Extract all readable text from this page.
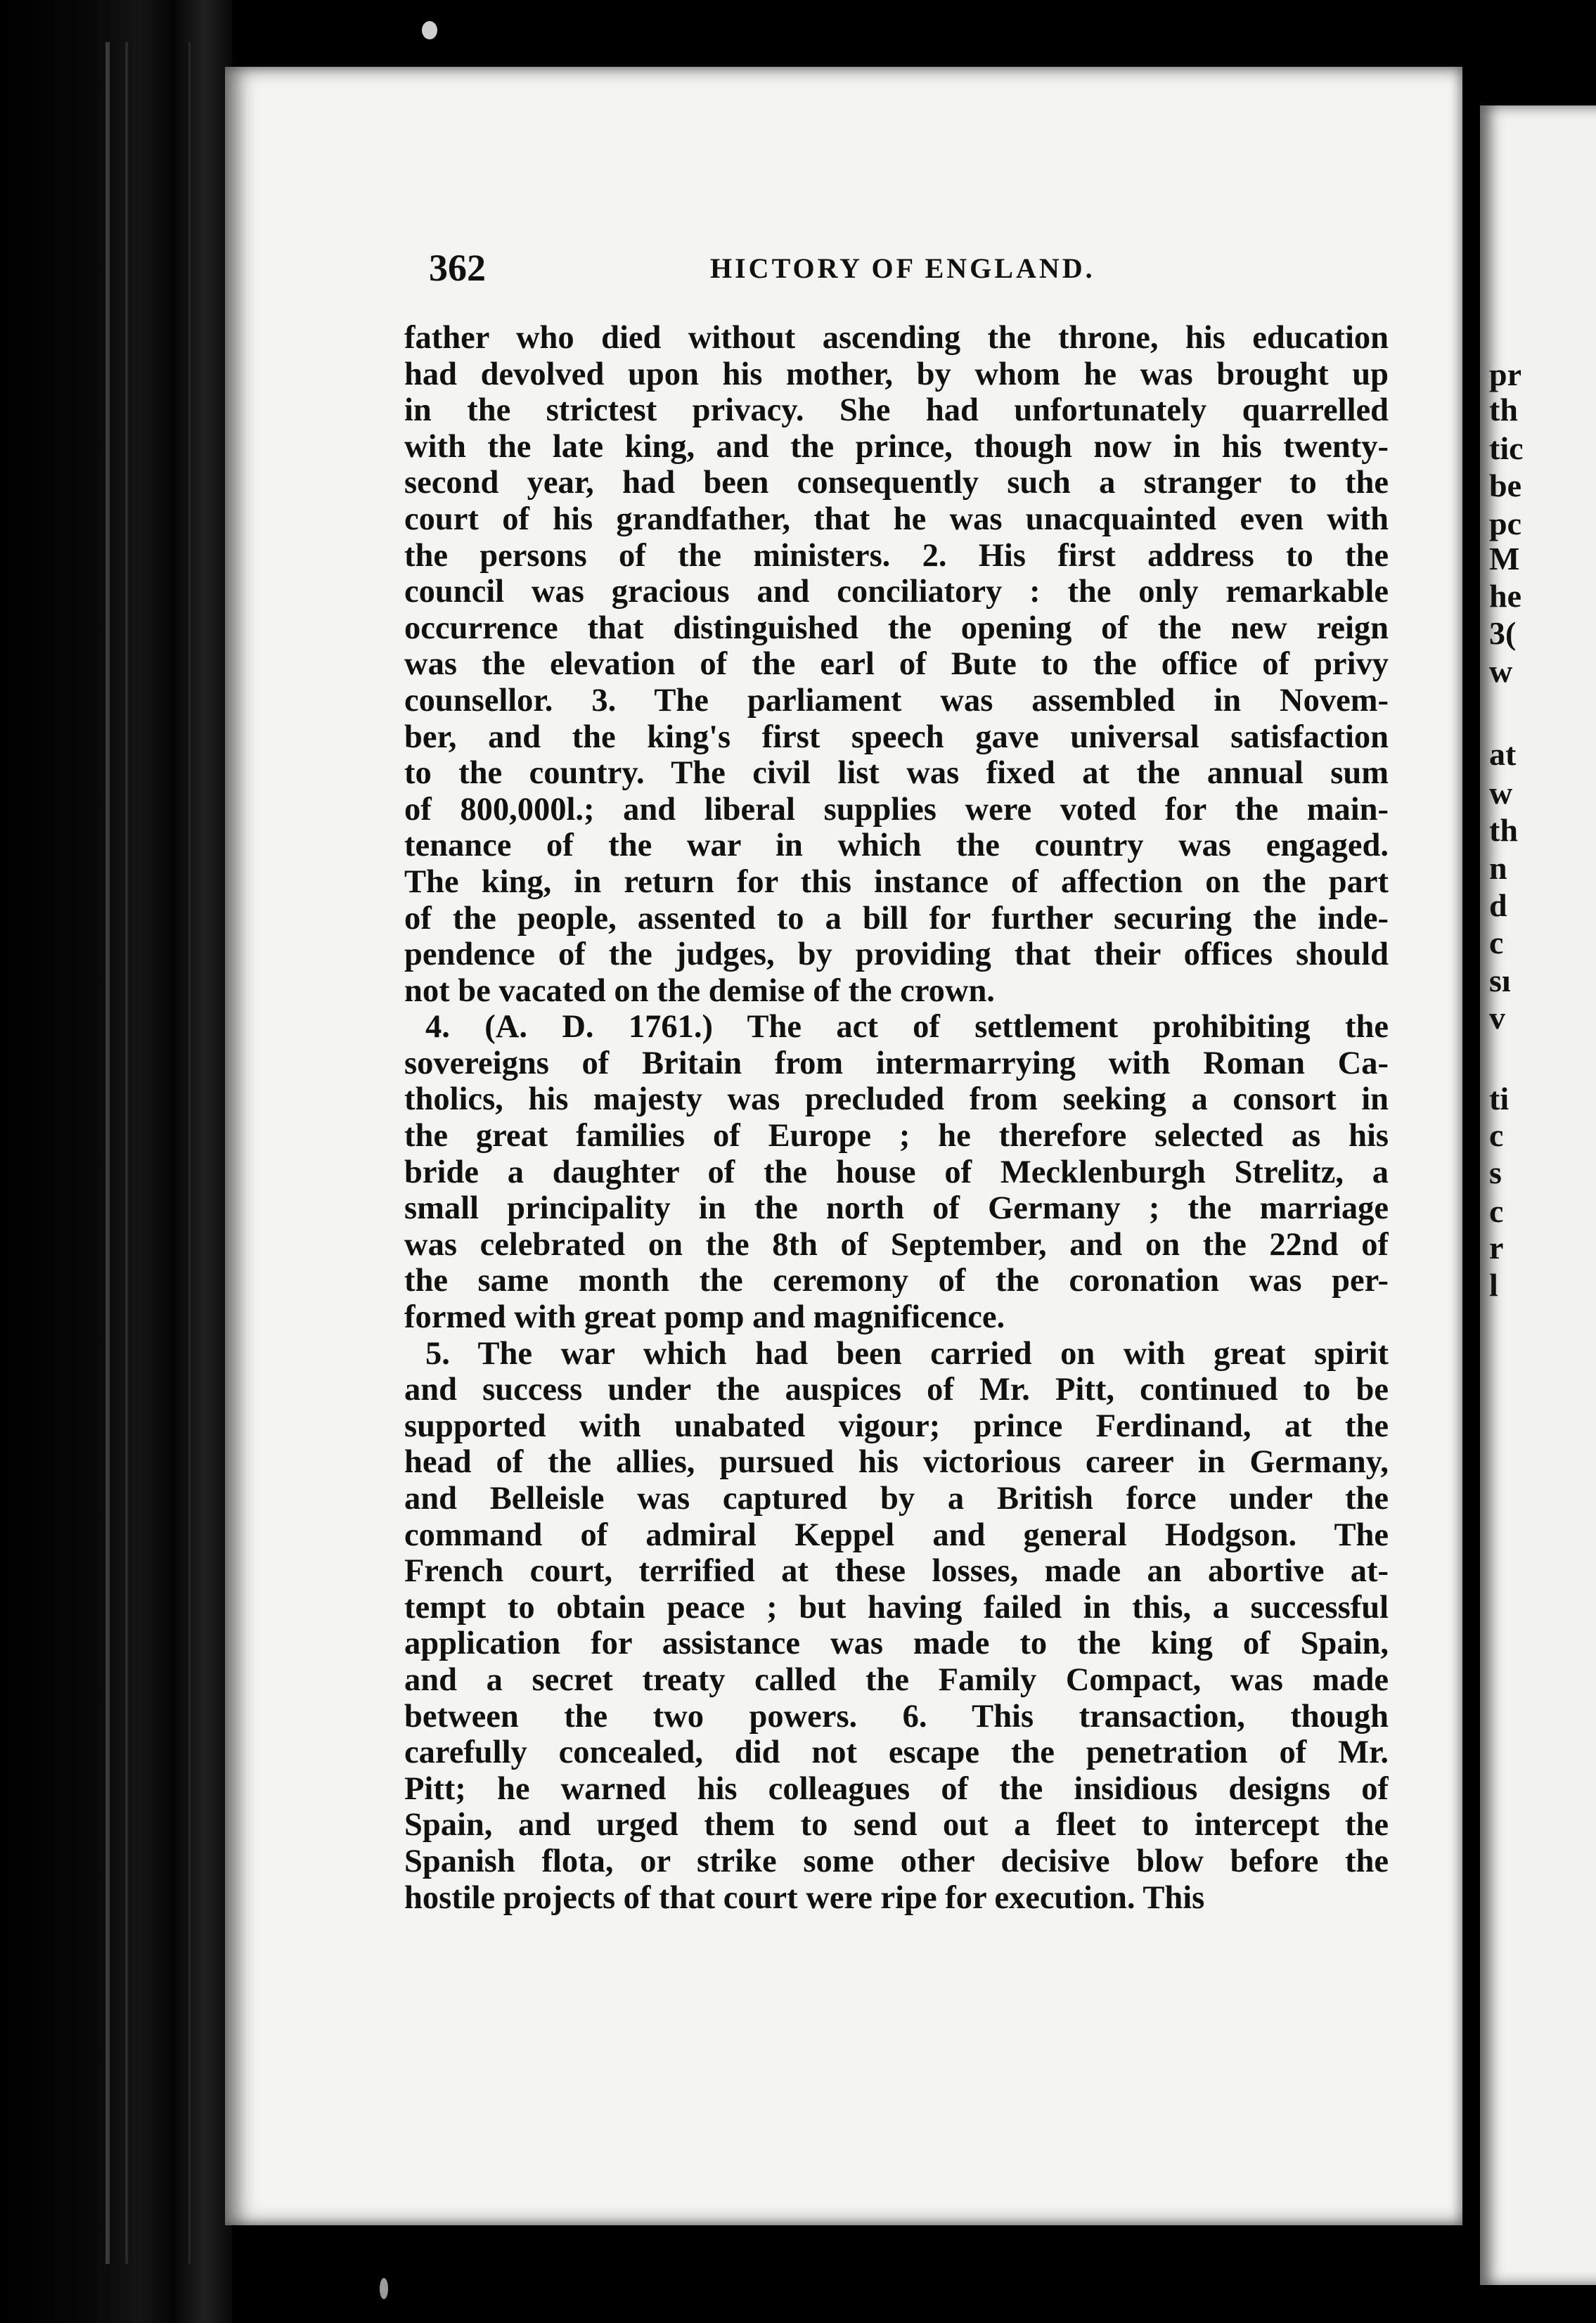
pr
th
tic
be
pc
M
he
3(
w
at
w
th
n
d
c
sı
v
ti
c
s
c
r
l
362	HICTORY OF ENGLAND.
father who died without ascending the throne, his education
had devolved upon his mother, by whom he was brought up
in the strictest privacy. She had unfortunately quarrelled
with the late king, and the prince, though now in his twenty-
second year, had been consequently such a stranger to the
court of his grandfather, that he was unacquainted even with
the persons of the ministers. 2. His first address to the
council was gracious and conciliatory : the only remarkable
occurrence that distinguished the opening of the new reign
was the elevation of the earl of Bute to the office of privy
counsellor. 3. The parliament was assembled in Novem-
ber, and the king's first speech gave universal satisfaction
to the country. The civil list was fixed at the annual sum
of 800,000l.; and liberal supplies were voted for the main-
tenance of the war in which the country was engaged.
The king, in return for this instance of affection on the part
of the people, assented to a bill for further securing the inde-
pendence of the judges, by providing that their offices should
not be vacated on the demise of the crown.
4. (A. D. 1761.) The act of settlement prohibiting the
sovereigns of Britain from intermarrying with Roman Ca-
tholics, his majesty was precluded from seeking a consort in
the great families of Europe ; he therefore selected as his
bride a daughter of the house of Mecklenburgh Strelitz, a
small principality in the north of Germany ; the marriage
was celebrated on the 8th of September, and on the 22nd of
the same month the ceremony of the coronation was per-
formed with great pomp and magnificence.
5. The war which had been carried on with great spirit
and success under the auspices of Mr. Pitt, continued to be
supported with unabated vigour; prince Ferdinand, at the
head of the allies, pursued his victorious career in Germany,
and Belleisle was captured by a British force under the
command of admiral Keppel and general Hodgson. The
French court, terrified at these losses, made an abortive at-
tempt to obtain peace ; but having failed in this, a successful
application for assistance was made to the king of Spain,
and a secret treaty called the Family Compact, was made
between the two powers. 6. This transaction, though
carefully concealed, did not escape the penetration of Mr.
Pitt; he warned his colleagues of the insidious designs of
Spain, and urged them to send out a fleet to intercept the
Spanish flota, or strike some other decisive blow before the
hostile projects of that court were ripe for execution. This
